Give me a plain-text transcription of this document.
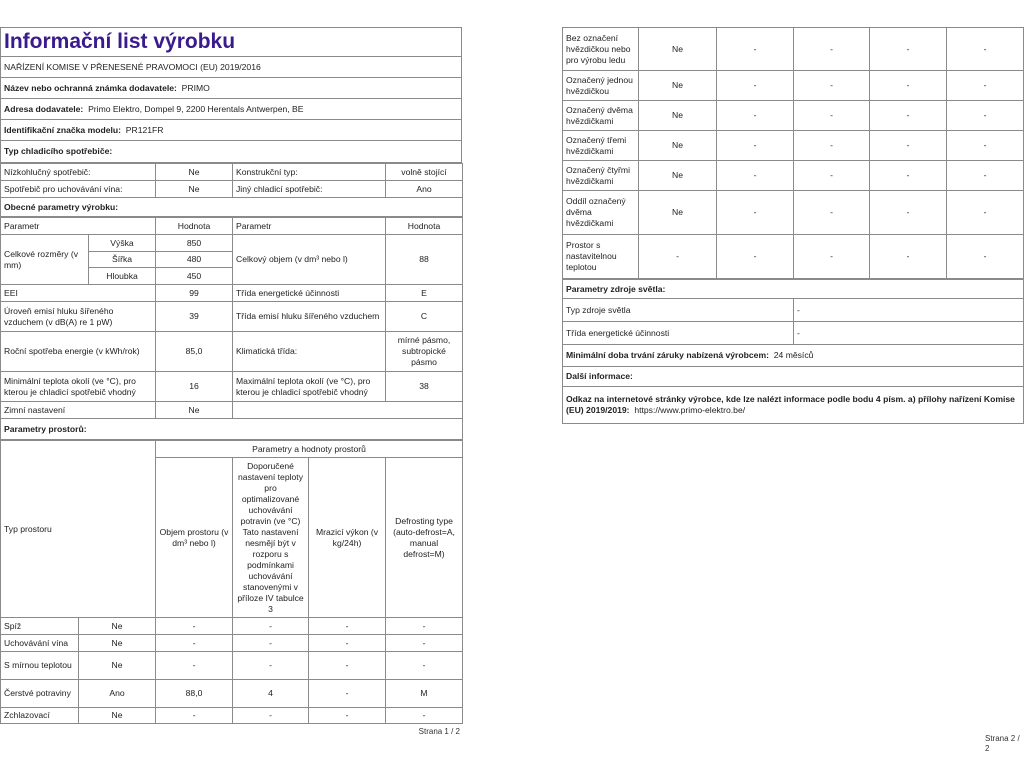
Informační list výrobku
NAŘÍZENÍ KOMISE V PŘENESENÉ PRAVOMOCI (EU) 2019/2016
Název nebo ochranná známka dodavatele: PRIMO
Adresa dodavatele: Primo Elektro, Dompel 9, 2200 Herentals Antwerpen, BE
Identifikační značka modelu: PR121FR
Typ chladicího spotřebiče:
Nízkohlučný spotřebič:	Ne	Konstrukční typ:	volně stojící
Spotřebič pro uchovávání vína:	Ne	Jiný chladicí spotřebič:	Ano
Obecné parametry výrobku:			
Parametr		Hodnota	Parametr	Hodnota
Celkové rozměry (v mm)	Výška	850	Celkový objem (v dm³ nebo l)	88
	Šířka	480		
	Hloubka	450		
EEI		99	Třída energetické účinnosti	E
Úroveň emisí hluku šířeného vzduchem (v dB(A) re 1 pW)		39	Třída emisí hluku šířeného vzduchem	C
Roční spotřeba energie (v kWh/rok)		85,0	Klimatická třída:	mírné pásmo, subtropické pásmo
Minimální teplota okolí (ve °C), pro kterou je chladicí spotřebič vhodný		16	Maximální teplota okolí (ve °C), pro kterou je chladicí spotřebič vhodný	38
Zimní nastavení		Ne		
Parametry prostorů:				
Typ prostoru		Parametry a hodnoty prostorů			
		Objem prostoru (v dm³ nebo l)	Doporučené nastavení teploty pro optimalizované uchovávání potravin (ve °C) Tato nastavení nesmějí být v rozporu s podmínkami uchovávání stanovenými v příloze IV tabulce 3	Mrazicí výkon (v kg/24h)	Defrosting type (auto-defrost=A, manual defrost=M)
Spíž	Ne	-	-	-	-
Uchovávání vína	Ne	-	-	-	-
S mírnou teplotou	Ne	-	-	-	-
Čerstvé potraviny	Ano	88,0	4	-	M
Zchlazovací	Ne	-	-	-	-
Strana 1 / 2
Bez označení hvězdičkou nebo pro výrobu ledu	Ne	-	-	-	-
Označený jednou hvězdičkou	Ne	-	-	-	-
Označený dvěma hvězdičkami	Ne	-	-	-	-
Označený třemi hvězdičkami	Ne	-	-	-	-
Označený čtyřmi hvězdičkami	Ne	-	-	-	-
Oddíl označený dvěma hvězdičkami	Ne	-	-	-	-
Prostor s nastavitelnou teplotou	-	-	-	-	-
Parametry zdroje světla:	
Typ zdroje světla	-
Třída energetické účinnosti	-
Minimální doba trvání záruky nabízená výrobcem: 24 měsíců	
Další informace:	
Odkaz na internetové stránky výrobce, kde lze nalézt informace podle bodu 4 písm. a) přílohy nařízení Komise (EU) 2019/2019: https://www.primo-elektro.be/	
Strana 2 / 2
